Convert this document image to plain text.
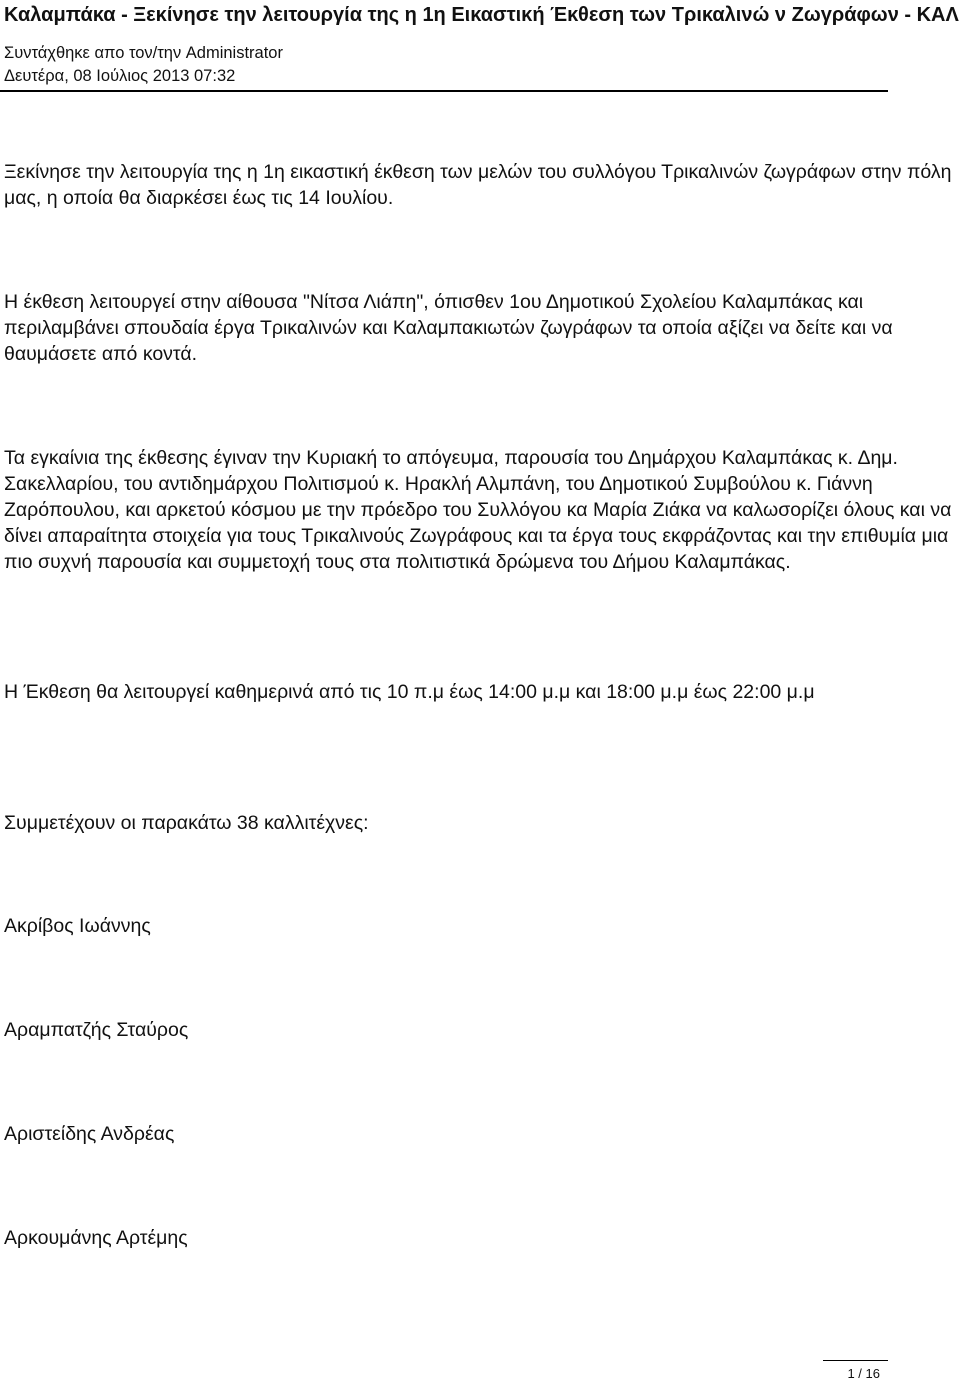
Καλαμπάκα - Ξεκίνησε την λειτουργία της η 1η Εικαστική Έκθεση των Τρικαλινώ ν Ζωγράφων - ΚΑΛ
Συντάχθηκε απο τον/την Administrator
Δευτέρα, 08 Ιούλιος 2013 07:32

Ξεκίνησε την λειτουργία της η 1η εικαστική έκθεση των μελών του συλλόγου Τρικαλινών ζωγράφων στην πόλη μας, η οποία θα διαρκέσει έως τις 14 Ιουλίου.

Η έκθεση λειτουργεί στην αίθουσα "Νίτσα Λιάπη", όπισθεν 1ου Δημοτικού Σχολείου Καλαμπάκας και περιλαμβάνει σπουδαία έργα Τρικαλινών και Καλαμπακιωτών ζωγράφων τα οποία αξίζει να δείτε και να θαυμάσετε από κοντά.

Τα εγκαίνια της έκθεσης έγιναν την Κυριακή το απόγευμα, παρουσία του Δημάρχου Καλαμπάκας κ. Δημ. Σακελλαρίου, του αντιδημάρχου Πολιτισμού κ. Ηρακλή Αλμπάνη, του Δημοτικού Συμβούλου κ. Γιάννη Ζαρόπουλου, και αρκετού κόσμου με την πρόεδρο του Συλλόγου κα Μαρία Ζιάκα να καλωσορίζει όλους και να δίνει απαραίτητα στοιχεία για τους Τρικαλινούς Ζωγράφους και τα έργα τους εκφράζοντας και την επιθυμία μια πιο συχνή παρουσία και συμμετοχή τους στα πολιτιστικά δρώμενα του Δήμου Καλαμπάκας.

Η Έκθεση θα λειτουργεί καθημερινά από τις 10 π.μ έως 14:00 μ.μ και 18:00 μ.μ έως 22:00 μ.μ

Συμμετέχουν οι παρακάτω 38 καλλιτέχνες:

Ακρίβος Ιωάννης

Αραμπατζής Σταύρος

Αριστείδης Ανδρέας

Αρκουμάνης Αρτέμης

1 / 16
